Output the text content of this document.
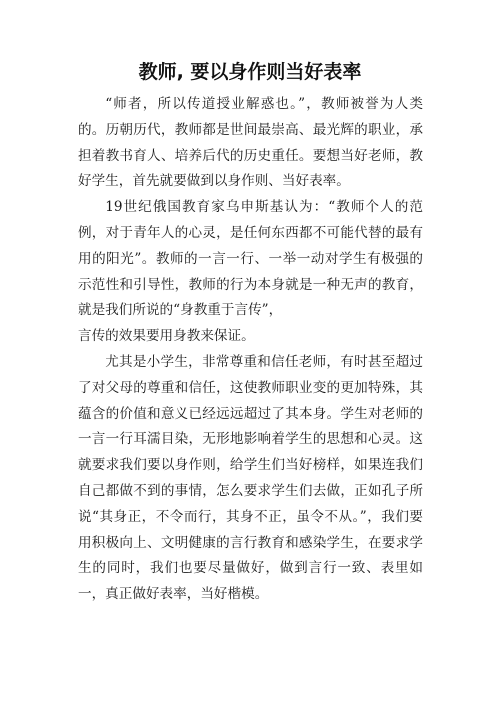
教师, 要以身作则当好表率

“师者，所以传道授业解惑也。”，教师被誉为人类的。历朝历代，教师都是世间最崇高、最光辉的职业，承担着教书育人、培养后代的历史重任。要想当好老师，教好学生，首先就要做到以身作则、当好表率。

19世纪俄国教育家乌申斯基认为：“教师个人的范例，对于青年人的心灵，是任何东西都不可能代替的最有用的阳光”。教师的一言一行、一举一动对学生有极强的示范性和引导性，教师的行为本身就是一种无声的教育，就是我们所说的“身教重于言传”，

言传的效果要用身教来保证。

尤其是小学生，非常尊重和信任老师，有时甚至超过了对父母的尊重和信任，这使教师职业变的更加特殊，其蕴含的价值和意义已经远远超过了其本身。学生对老师的一言一行耳濡目染，无形地影响着学生的思想和心灵。这就要求我们要以身作则，给学生们当好榜样，如果连我们自己都做不到的事情，怎么要求学生们去做，正如孔子所说“其身正，不令而行，其身不正，虽令不从。”，我们要用积极向上、文明健康的言行教育和感染学生，在要求学生的同时，我们也要尽量做好，做到言行一致、表里如一，真正做好表率，当好楷模。
